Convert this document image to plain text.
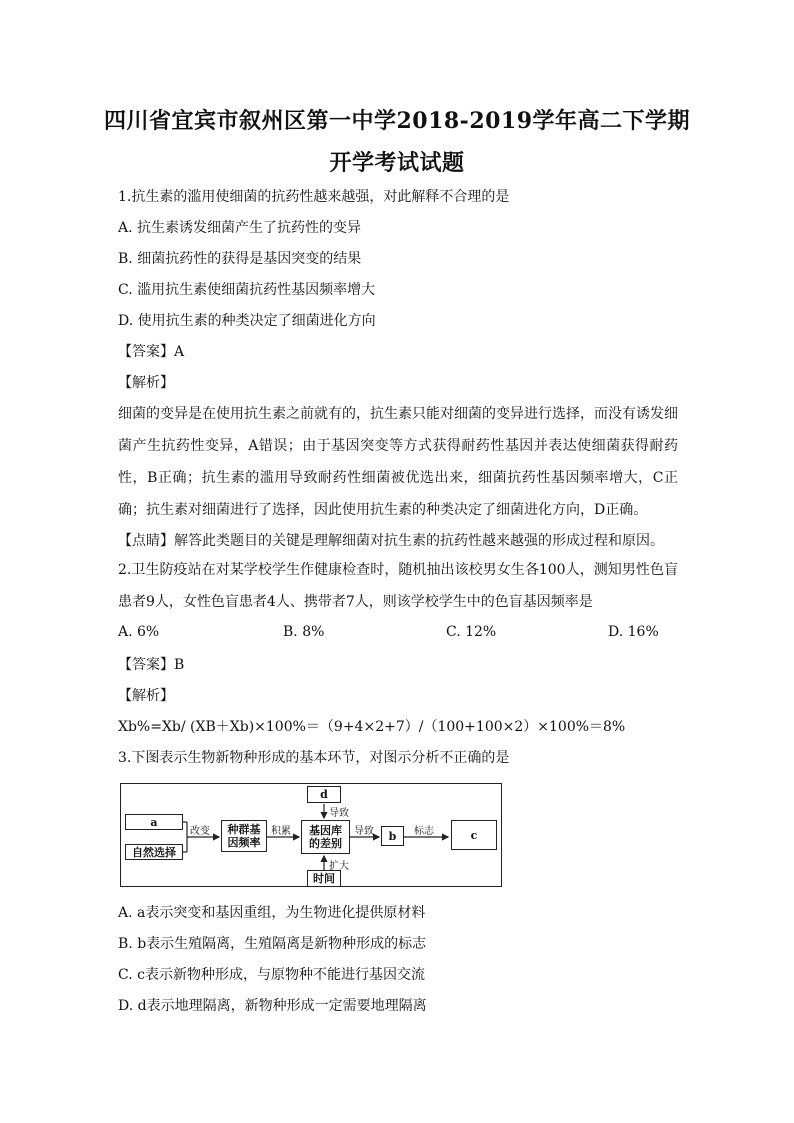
四川省宜宾市叙州区第一中学2018-2019学年高二下学期
开学考试试题
1.抗生素的滥用使细菌的抗药性越来越强，对此解释不合理的是
A. 抗生素诱发细菌产生了抗药性的变异
B. 细菌抗药性的获得是基因突变的结果
C. 滥用抗生素使细菌抗药性基因频率增大
D. 使用抗生素的种类决定了细菌进化方向
【答案】A
【解析】
细菌的变异是在使用抗生素之前就有的，抗生素只能对细菌的变异进行选择，而没有诱发细菌产生抗药性变异，A错误；由于基因突变等方式获得耐药性基因并表达使细菌获得耐药性，B正确；抗生素的滥用导致耐药性细菌被优选出来，细菌抗药性基因频率增大，C正确；抗生素对细菌进行了选择，因此使用抗生素的种类决定了细菌进化方向，D正确。
【点睛】解答此类题目的关键是理解细菌对抗生素的抗药性越来越强的形成过程和原因。
2.卫生防疫站在对某学校学生作健康检查时，随机抽出该校男女生各100人，测知男性色盲患者9人，女性色盲患者4人、携带者7人，则该学校学生中的色盲基因频率是
A. 6%	B. 8%	C. 12%	D. 16%
【答案】B
【解析】
Xb%=Xb/ (XB＋Xb)×100%＝（9+4×2+7）/（100+100×2）×100%＝8%
3.下图表示生物新物种形成的基本环节，对图示分析不正确的是
a
自然选择
种群基
因频率
基因库
的差别
d
时间
b	c
改变	积累
导致
扩大
导致	标志
A. a表示突变和基因重组，为生物进化提供原材料
B. b表示生殖隔离，生殖隔离是新物种形成的标志
C. c表示新物种形成，与原物种不能进行基因交流
D. d表示地理隔离，新物种形成一定需要地理隔离
